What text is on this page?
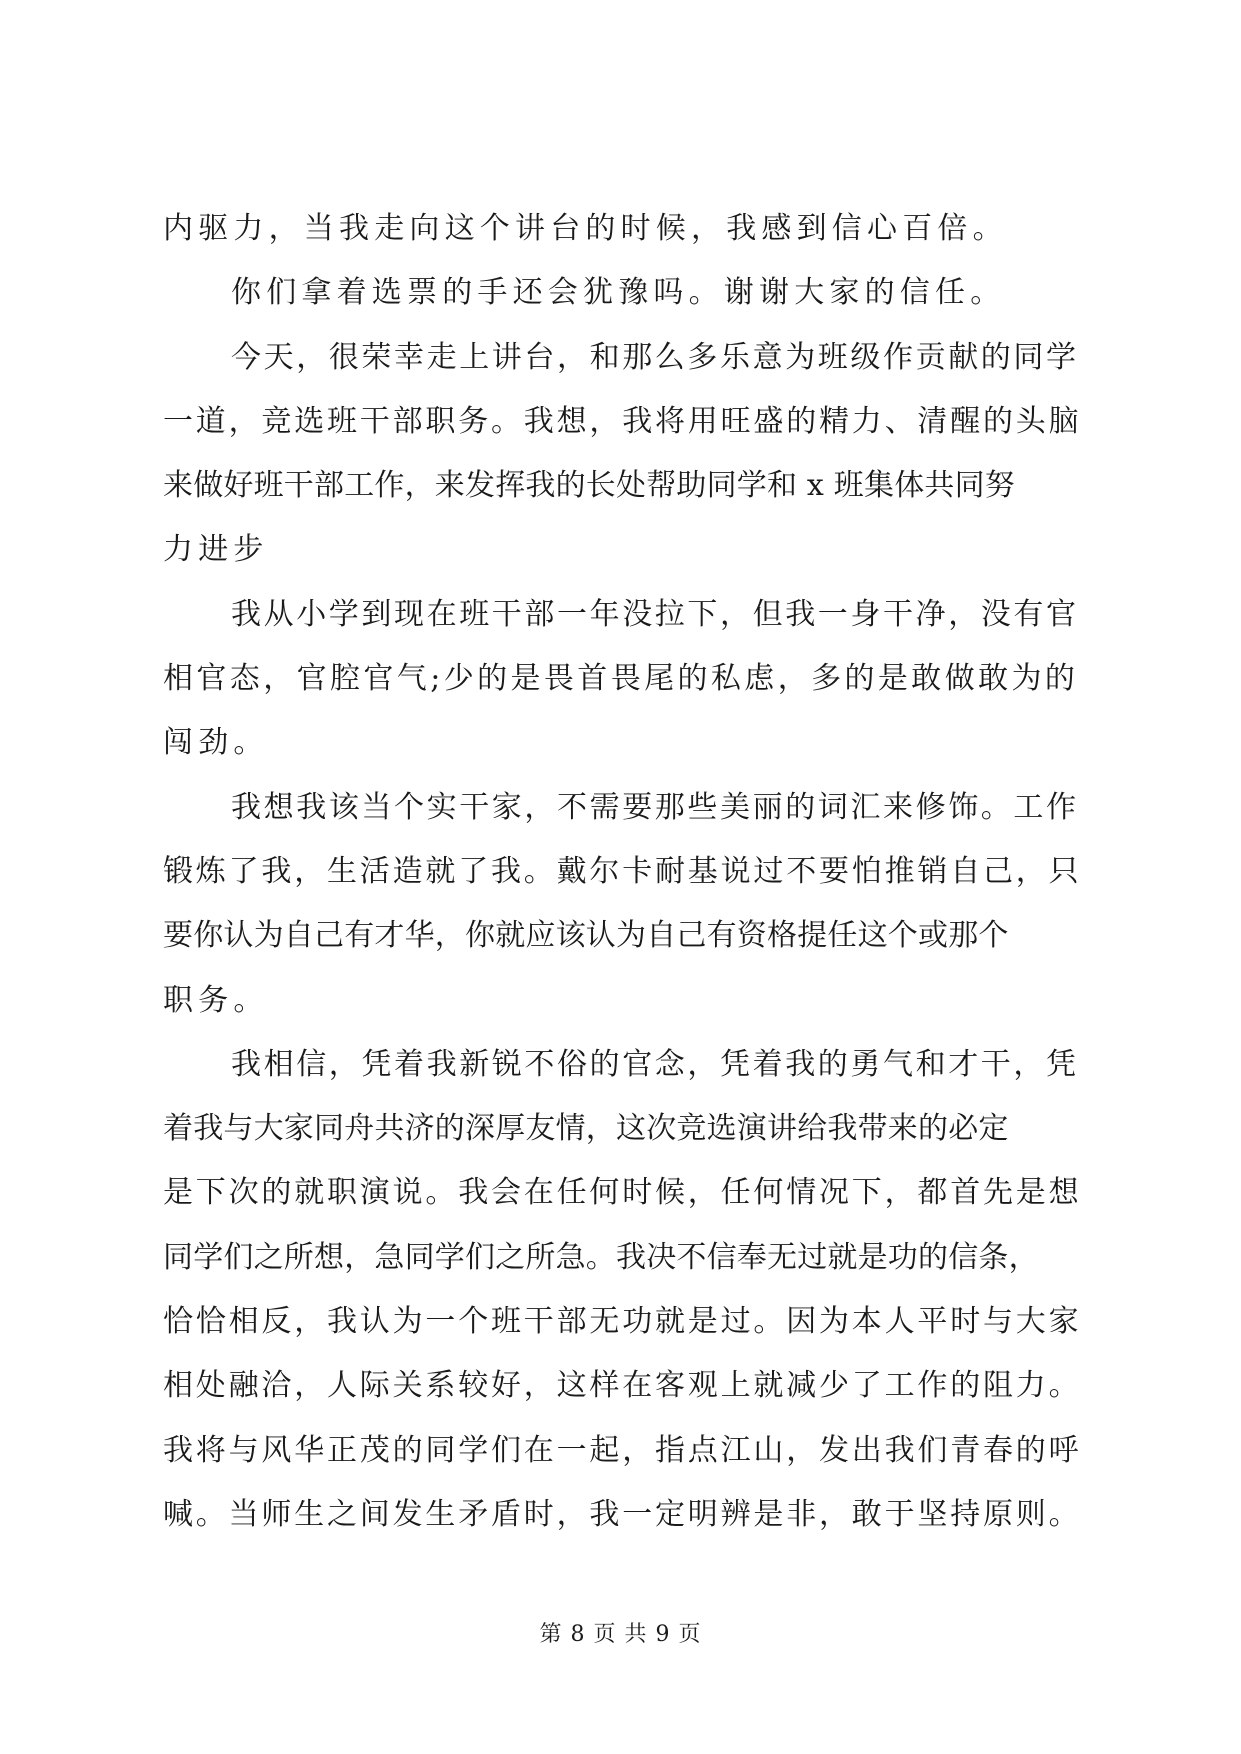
内驱力，当我走向这个讲台的时候，我感到信心百倍。
你们拿着选票的手还会犹豫吗。谢谢大家的信任。
今天，很荣幸走上讲台，和那么多乐意为班级作贡献的同学
一道，竞选班干部职务。我想，我将用旺盛的精力、清醒的头脑
来做好班干部工作，来发挥我的长处帮助同学和 x 班集体共同努
力进步
我从小学到现在班干部一年没拉下，但我一身干净，没有官
相官态，官腔官气;少的是畏首畏尾的私虑，多的是敢做敢为的
闯劲。
我想我该当个实干家，不需要那些美丽的词汇来修饰。工作
锻炼了我，生活造就了我。戴尔卡耐基说过不要怕推销自己，只
要你认为自己有才华，你就应该认为自己有资格提任这个或那个
职务。
我相信，凭着我新锐不俗的官念，凭着我的勇气和才干，凭
着我与大家同舟共济的深厚友情，这次竞选演讲给我带来的必定
是下次的就职演说。我会在任何时候，任何情况下，都首先是想
同学们之所想，急同学们之所急。我决不信奉无过就是功的信条，
恰恰相反，我认为一个班干部无功就是过。因为本人平时与大家
相处融洽，人际关系较好，这样在客观上就减少了工作的阻力。
我将与风华正茂的同学们在一起，指点江山，发出我们青春的呼
喊。当师生之间发生矛盾时，我一定明辨是非，敢于坚持原则。
第 8 页 共 9 页
